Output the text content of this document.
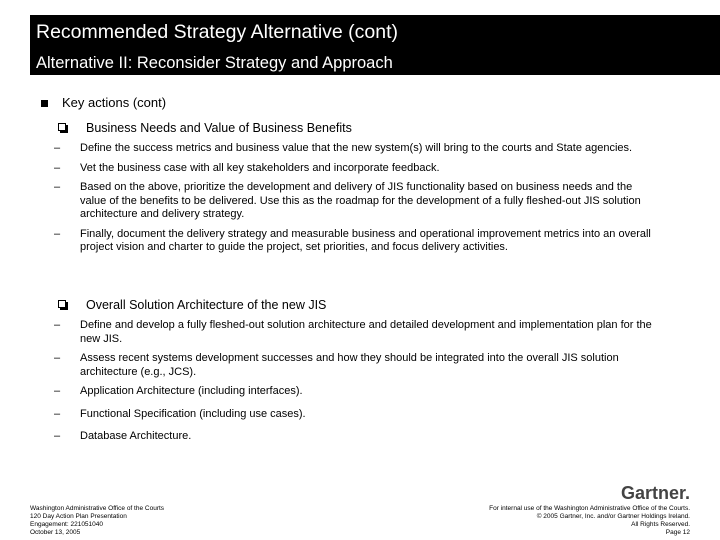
Recommended Strategy Alternative (cont)
Alternative II: Reconsider Strategy and Approach
Key actions (cont)
Business Needs and Value of Business Benefits
– Define the success metrics and business value that the new system(s) will bring to the courts and State agencies.
– Vet the business case with all key stakeholders and incorporate feedback.
– Based on the above, prioritize the development and delivery of JIS functionality based on business needs and the value of the benefits to be delivered. Use this as the roadmap for the development of a fully fleshed-out JIS solution architecture and delivery strategy.
– Finally, document the delivery strategy and measurable business and operational improvement metrics into an overall project vision and charter to guide the project, set priorities, and focus delivery activities.
Overall Solution Architecture of the new JIS
– Define and develop a fully fleshed-out solution architecture and detailed development and implementation plan for the new JIS.
– Assess recent systems development successes and how they should be integrated into the overall JIS solution architecture (e.g., JCS).
– Application Architecture (including interfaces).
– Functional Specification (including use cases).
– Database Architecture.
Gartner.
Washington Administrative Office of the Courts
120 Day Action Plan Presentation
Engagement: 221051040
October 13, 2005
For internal use of the Washington Administrative Office of the Courts.
© 2005 Gartner, Inc. and/or Gartner Holdings Ireland.
All Rights Reserved.
Page 12
